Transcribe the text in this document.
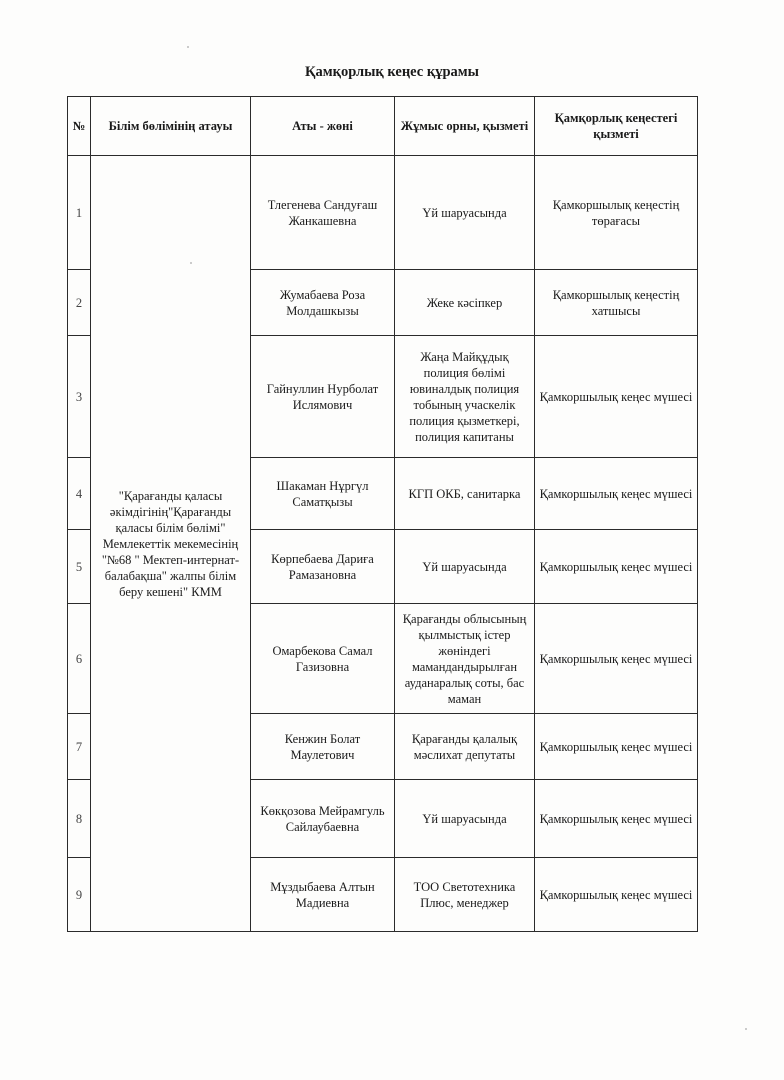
Қамқорлық кеңес құрамы
№	Білім бөлімінің атауы	Аты - жөні	Жұмыс орны, қызметі	Қамқорлық кеңестегі қызметі
1	"Қарағанды қаласы әкімдігінің"Қарағанды қаласы білім бөлімі" Мемлекеттік мекемесінің "№68 " Мектеп-интернат-балабақша" жалпы білім беру кешені" КММ	Тлегенева Сандуғаш Жанкашевна	Үй шаруасында	Қамкоршылық кеңестің төрағасы
2		Жумабаева Роза Молдашкызы	Жеке кәсіпкер	Қамкоршылық кеңестің хатшысы
3		Гайнуллин Нурболат Ислямович	Жаңа Майқұдық полиция бөлімі ювиналдық полиция тобының учаскелік полиция қызметкері, полиция капитаны	Қамкоршылық кеңес мүшесі
4		Шакаман Нұргүл Саматқызы	КГП ОКБ, санитарка	Қамкоршылық кеңес мүшесі
5		Көрпебаева Дариға Рамазановна	Үй шаруасында	Қамкоршылық кеңес мүшесі
6		Омарбекова Самал Газизовна	Қарағанды облысының қылмыстық істер жөніндегі мамандандырылған ауданаралық соты, бас маман	Қамкоршылық кеңес мүшесі
7		Кенжин Болат Маулетович	Қарағанды қалалық мәслихат депутаты	Қамкоршылық кеңес мүшесі
8		Көкқозова Мейрамгуль Сайлаубаевна	Үй шаруасында	Қамкоршылық кеңес мүшесі
9		Мұздыбаева Алтын Мадиевна	ТОО Светотехника Плюс, менеджер	Қамкоршылық кеңес мүшесі
